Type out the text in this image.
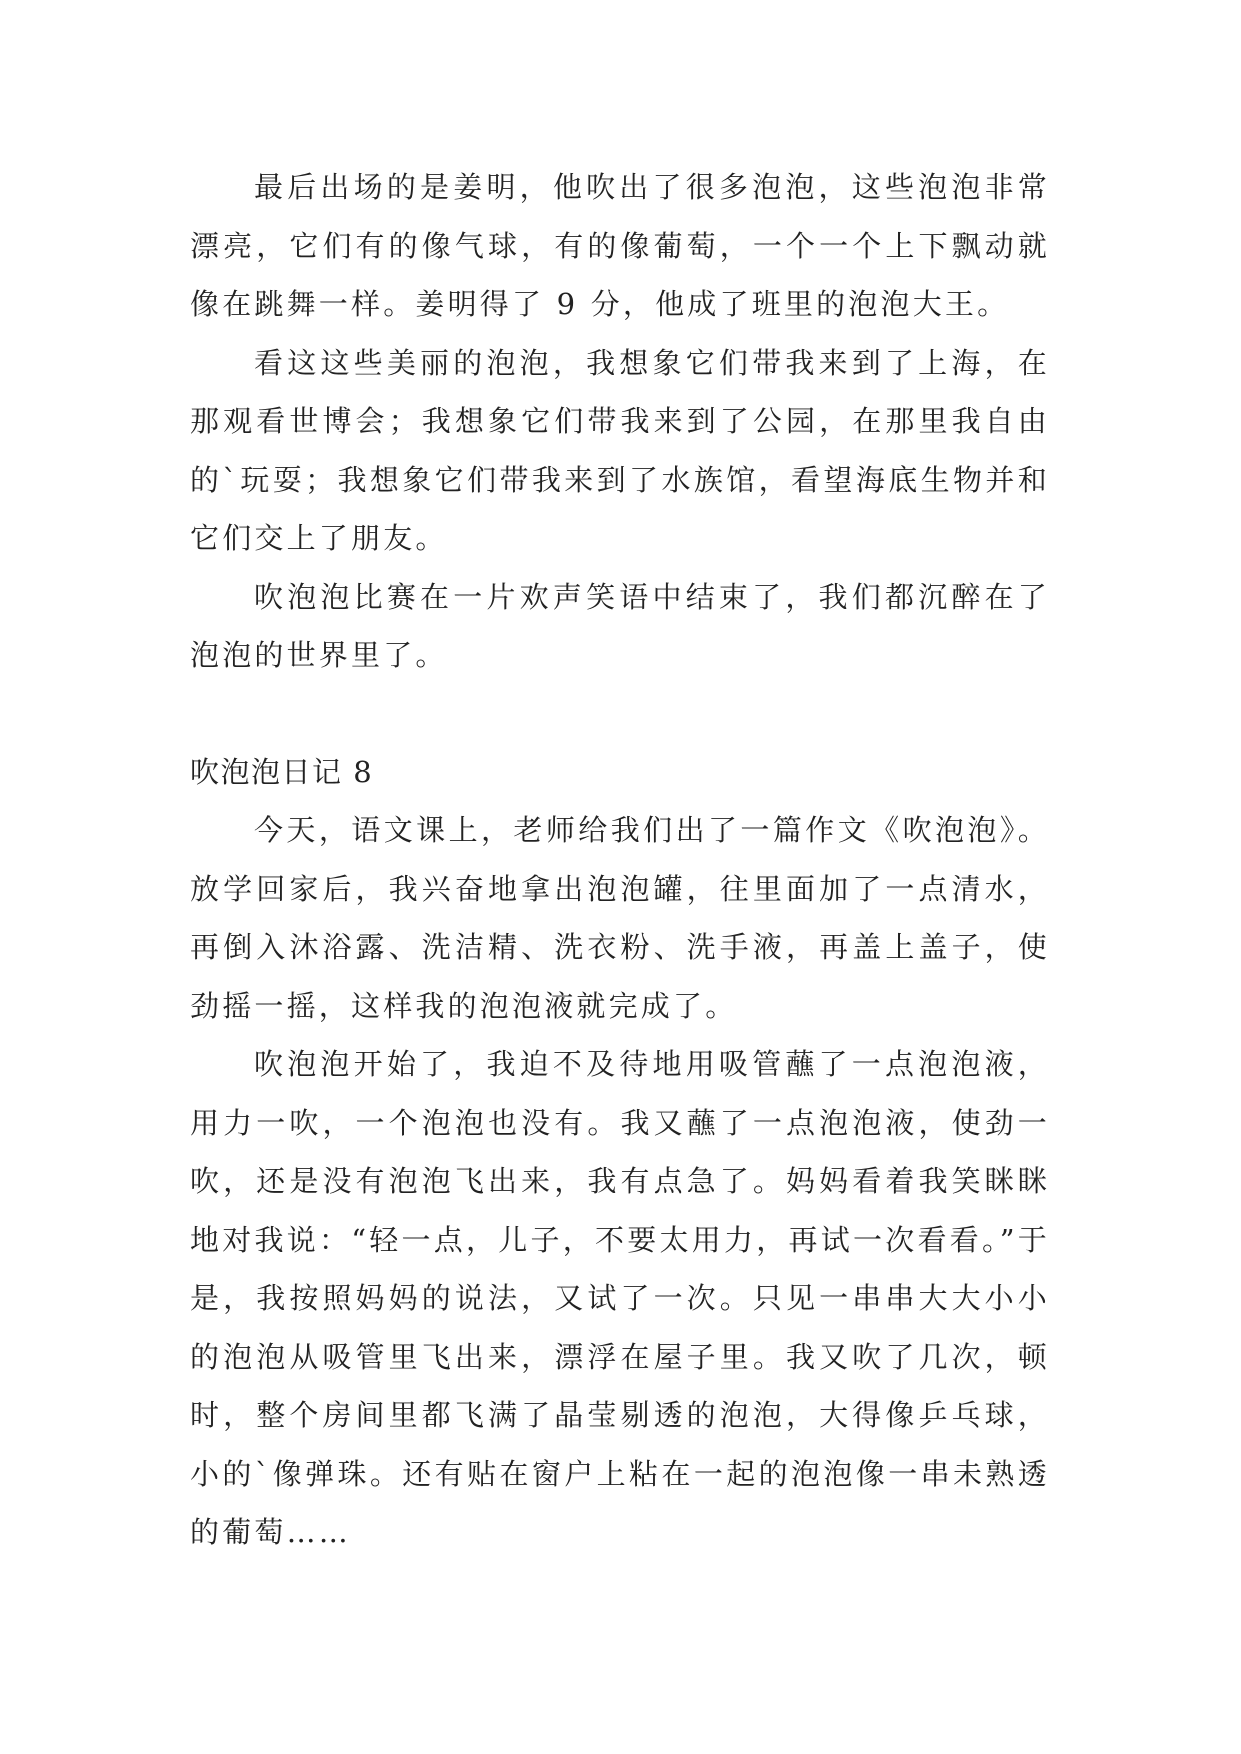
最后出场的是姜明，他吹出了很多泡泡，这些泡泡非常漂亮，它们有的像气球，有的像葡萄，一个一个上下飘动就像在跳舞一样。姜明得了 9 分，他成了班里的泡泡大王。

看这这些美丽的泡泡，我想象它们带我来到了上海，在那观看世博会；我想象它们带我来到了公园，在那里我自由的`玩耍；我想象它们带我来到了水族馆，看望海底生物并和它们交上了朋友。

吹泡泡比赛在一片欢声笑语中结束了，我们都沉醉在了泡泡的世界里了。

吹泡泡日记 8

今天，语文课上，老师给我们出了一篇作文《吹泡泡》。放学回家后，我兴奋地拿出泡泡罐，往里面加了一点清水，再倒入沐浴露、洗洁精、洗衣粉、洗手液，再盖上盖子，使劲摇一摇，这样我的泡泡液就完成了。

吹泡泡开始了，我迫不及待地用吸管蘸了一点泡泡液，用力一吹，一个泡泡也没有。我又蘸了一点泡泡液，使劲一吹，还是没有泡泡飞出来，我有点急了。妈妈看着我笑眯眯地对我说：“轻一点，儿子，不要太用力，再试一次看看。”于是，我按照妈妈的说法，又试了一次。只见一串串大大小小的泡泡从吸管里飞出来，漂浮在屋子里。我又吹了几次，顿时，整个房间里都飞满了晶莹剔透的泡泡，大得像乒乓球，小的`像弹珠。还有贴在窗户上粘在一起的泡泡像一串未熟透的葡萄……
